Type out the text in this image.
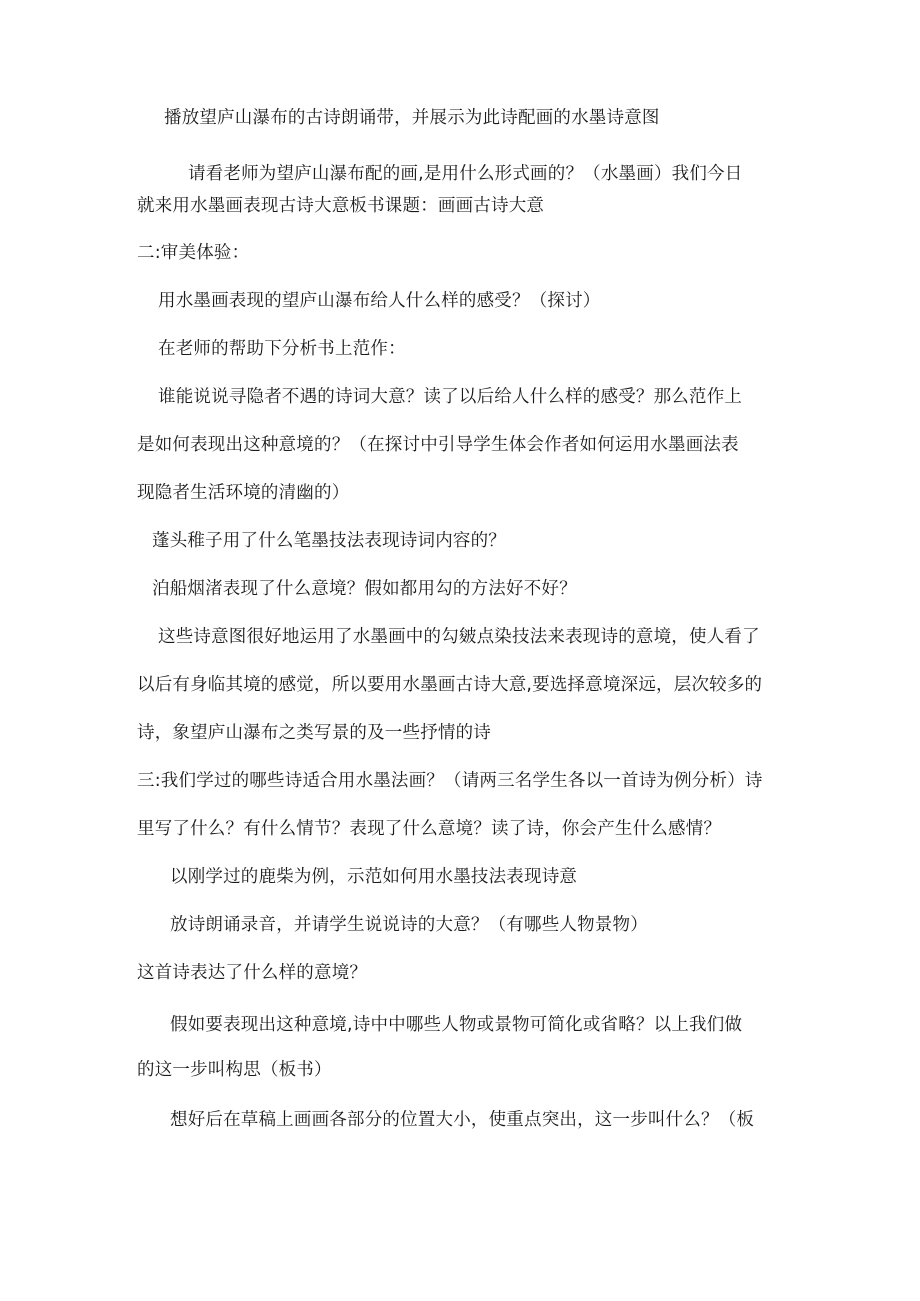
播放望庐山瀑布的古诗朗诵带，并展示为此诗配画的水墨诗意图
请看老师为望庐山瀑布配的画,是用什么形式画的？（水墨画）我们今日
就来用水墨画表现古诗大意板书课题：画画古诗大意
二:审美体验：
用水墨画表现的望庐山瀑布给人什么样的感受？（探讨）
在老师的帮助下分析书上范作：
谁能说说寻隐者不遇的诗词大意？读了以后给人什么样的感受？那么范作上
是如何表现出这种意境的？（在探讨中引导学生体会作者如何运用水墨画法表
现隐者生活环境的清幽的）
蓬头稚子用了什么笔墨技法表现诗词内容的？
泊船烟渚表现了什么意境？假如都用勾的方法好不好？
这些诗意图很好地运用了水墨画中的勾皴点染技法来表现诗的意境，使人看了
以后有身临其境的感觉，所以要用水墨画古诗大意,要选择意境深远，层次较多的
诗，象望庐山瀑布之类写景的及一些抒情的诗
三:我们学过的哪些诗适合用水墨法画？（请两三名学生各以一首诗为例分析）诗
里写了什么？有什么情节？表现了什么意境？读了诗，你会产生什么感情？
以刚学过的鹿柴为例，示范如何用水墨技法表现诗意
放诗朗诵录音，并请学生说说诗的大意？（有哪些人物景物）
这首诗表达了什么样的意境？
假如要表现出这种意境,诗中中哪些人物或景物可简化或省略？以上我们做
的这一步叫构思（板书）
想好后在草稿上画画各部分的位置大小，使重点突出，这一步叫什么？（板
